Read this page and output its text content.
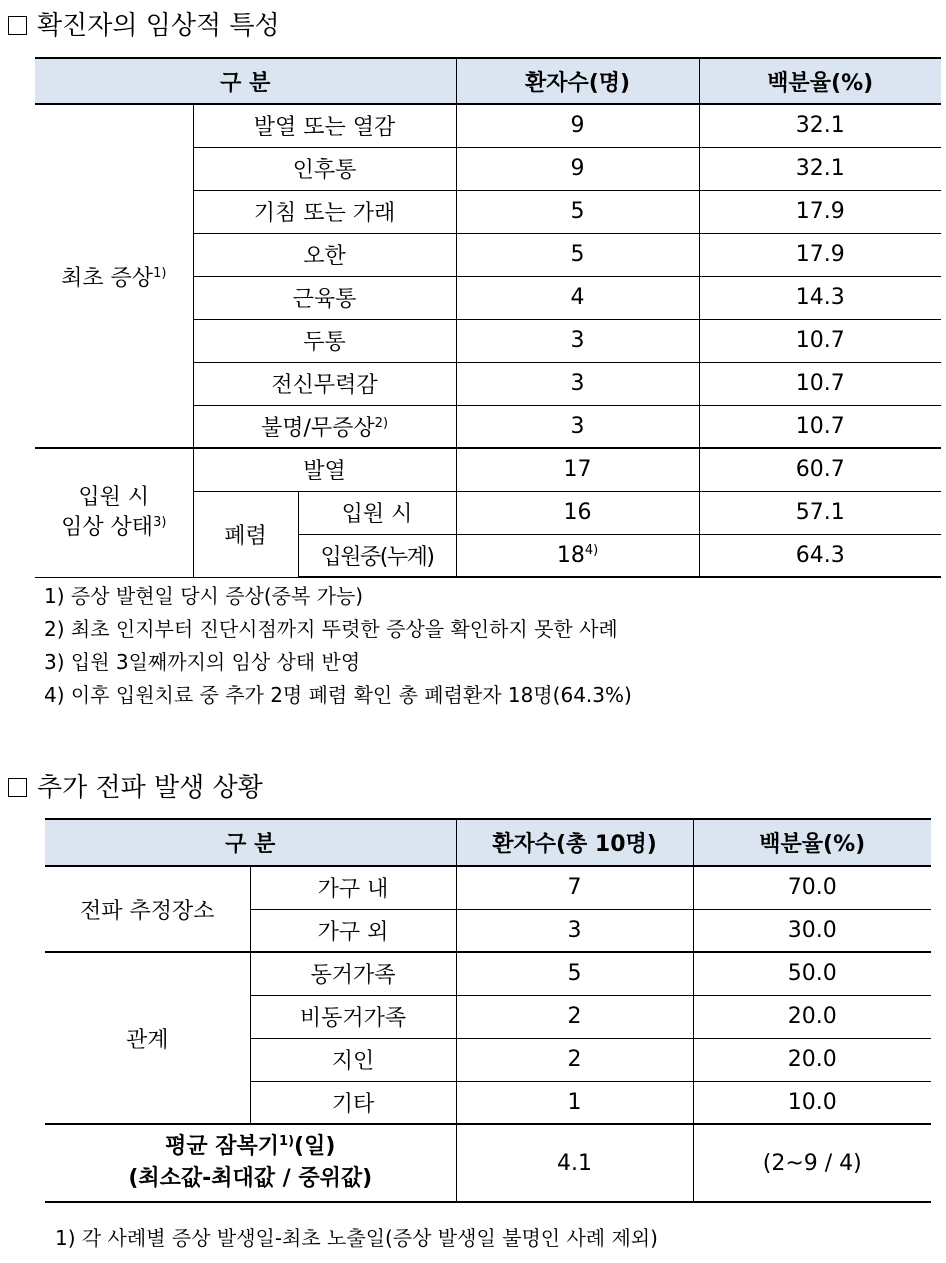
확진자의 임상적 특성
구 분			환자수(명)	백분율(%)
최초 증상$^{1)}$	발열 또는 열감		9	32.1
	인후통		9	32.1
	기침 또는 가래		5	17.9
	오한		5	17.9
	근육통		4	14.3
	두통		3	10.7
	전신무력감		3	10.7
	불명/무증상$^{2)}$		3	10.7

입원 시
임상 상태$^{3)}$	발열		17	60.7
	폐렴	입원 시	16	57.1
		입원중(누계)	18$^{4)}$	64.3
1) 증상 발현일 당시 증상(중복 가능)
2) 최초 인지부터 진단시점까지 뚜렷한 증상을 확인하지 못한 사례
3) 입원 3일째까지의 임상 상태 반영
4) 이후 입원치료 중 추가 2명 폐렴 확인 총 폐렴환자 18명(64.3%)
추가 전파 발생 상황
구 분		환자수(총 10명)	백분율(%)
전파 추정장소	가구 내	7	70.0
	가구 외	3	30.0
관계	동거가족	5	50.0
	비동거가족	2	20.0
	지인	2	20.0
	기타	1	10.0

평균 잠복기$^{1)}$(일)
(최소값-최대값 / 중위값)		4.1	(2~9 / 4)
1) 각 사례별 증상 발생일-최초 노출일(증상 발생일 불명인 사례 제외)
